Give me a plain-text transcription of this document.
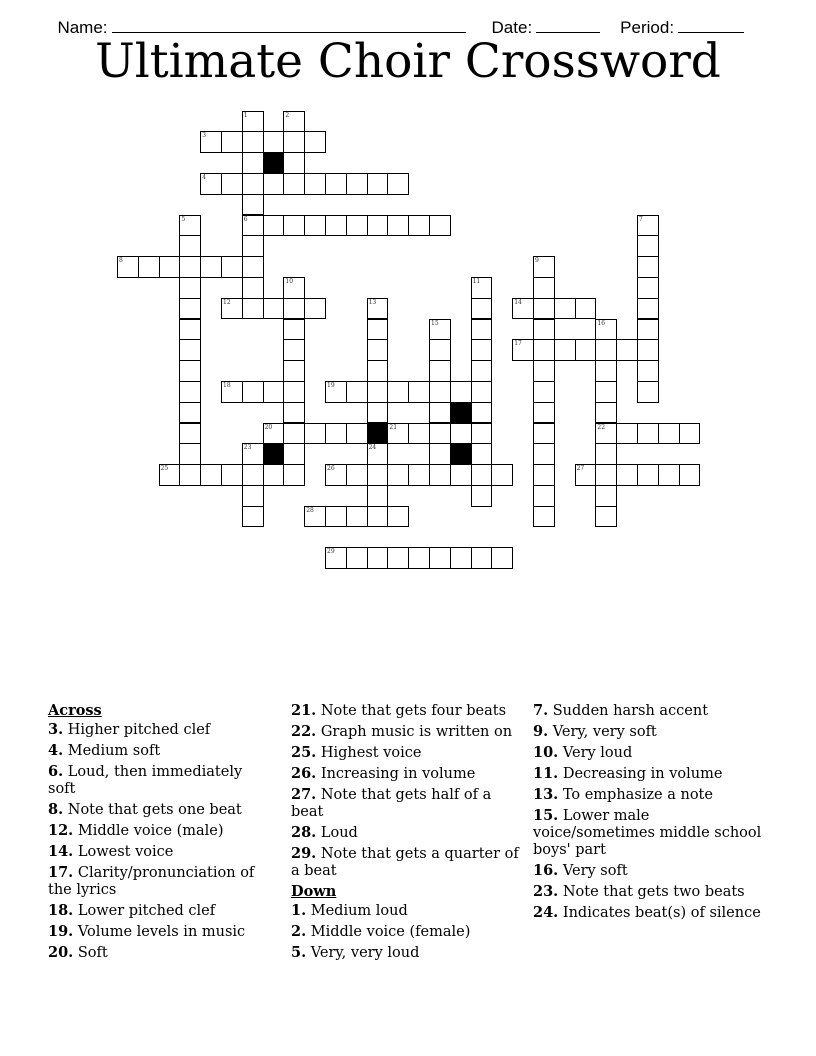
Name:	Date:	Period:

Ultimate Choir Crossword
1
6
2
3
4
5	7
8	9
10	11
12	13	14
15	16
22
17
18	19
20	21
23	24
25	26	27
28
29
Across
3. Higher pitched clef
4. Medium soft
6. Loud, then immediately soft
8. Note that gets one beat
12. Middle voice (male)
14. Lowest voice
17. Clarity/pronunciation of the lyrics
18. Lower pitched clef
19. Volume levels in music
20. Soft
21. Note that gets four beats
22. Graph music is written on
25. Highest voice
26. Increasing in volume
27. Note that gets half of a beat
28. Loud
29. Note that gets a quarter of a beat
Down
1. Medium loud
2. Middle voice (female)
5. Very, very loud
7. Sudden harsh accent
9. Very, very soft
10. Very loud
11. Decreasing in volume
13. To emphasize a note
15. Lower male voice/sometimes middle school boys' part
16. Very soft
23. Note that gets two beats
24. Indicates beat(s) of silence
